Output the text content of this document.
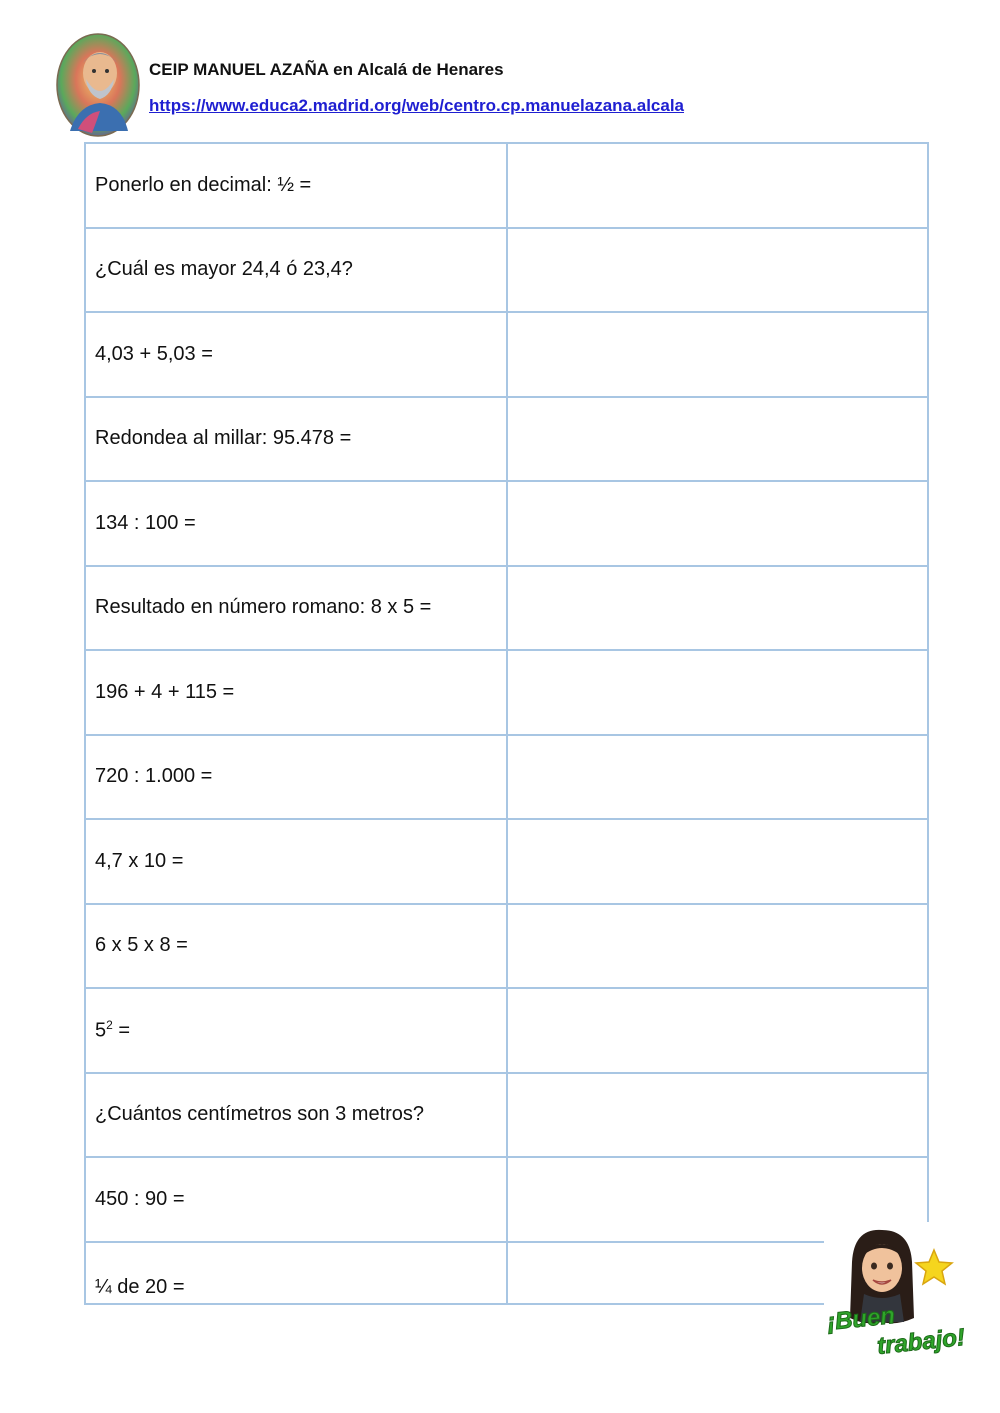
CEIP MANUEL AZAÑA en Alcalá de Henares
https://www.educa2.madrid.org/web/centro.cp.manuelazana.alcala
Ponerlo en decimal: ½ =	
¿Cuál es mayor 24,4 ó 23,4?	
4,03 + 5,03 =	
Redondea al millar: 95.478 =	
134 : 100 =	
Resultado en número romano: 8 x 5 =	
196 + 4 + 115 =	
720 : 1.000 =	
4,7 x 10 =	
6 x 5 x 8 =	
$5^2$ =	
¿Cuántos centímetros son 3 metros?	
450 : 90 =	
¼ de 20 =	
¡Buen
trabajo!
